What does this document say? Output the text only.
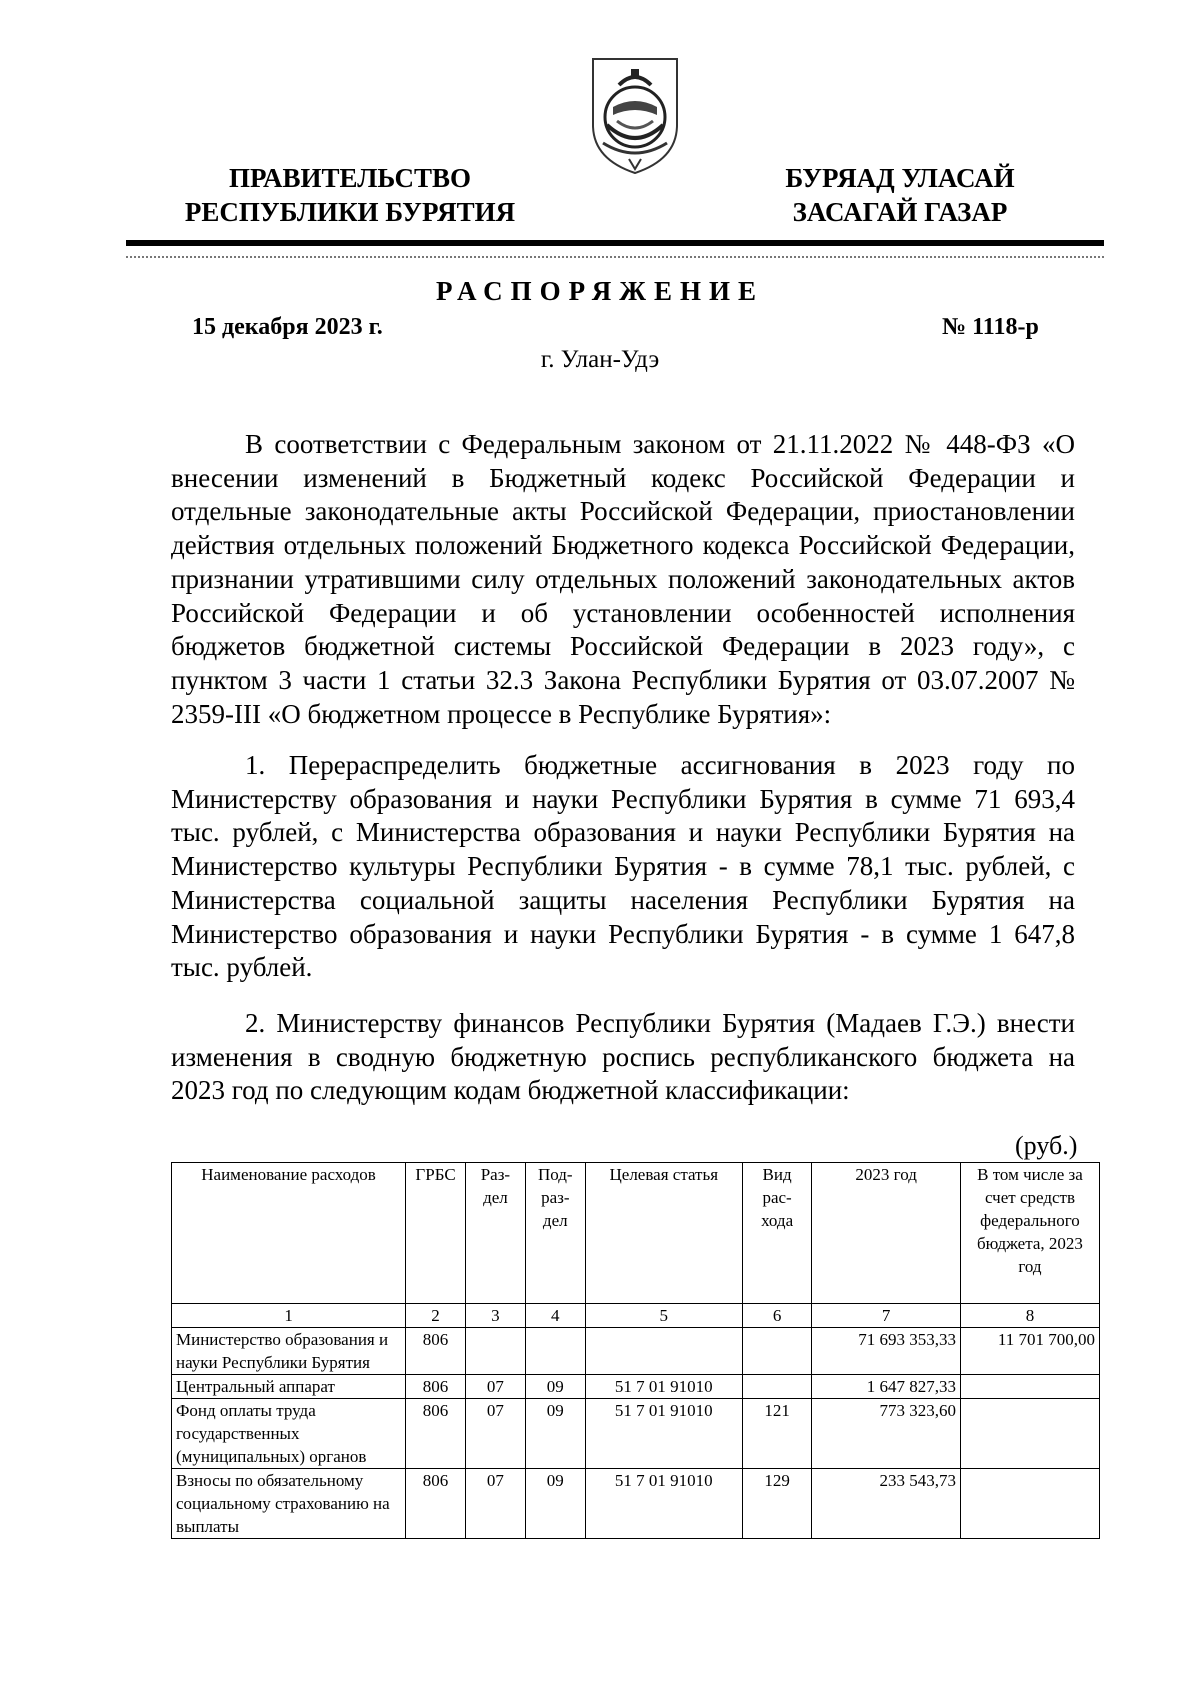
ПРАВИТЕЛЬСТВО
РЕСПУБЛИКИ БУРЯТИЯ
БУРЯАД УЛАСАЙ
ЗАСАГАЙ ГАЗАР
РАСПОРЯЖЕНИЕ
15 декабря 2023 г.	№ 1118-р
г. Улан-Удэ

В соответствии с Федеральным законом от 21.11.2022 № 448-ФЗ «О внесении изменений в Бюджетный кодекс Российской Федерации и отдельные законодательные акты Российской Федерации, приостановлении действия отдельных положений Бюджетного кодекса Российской Федерации, признании утратившими силу отдельных положений законодательных актов Российской Федерации и об установлении особенностей исполнения бюджетов бюджетной системы Российской Федерации в 2023 году», с пунктом 3 части 1 статьи 32.3 Закона Республики Бурятия от 03.07.2007 № 2359-III «О бюджетном процессе в Республике Бурятия»:

1. Перераспределить бюджетные ассигнования в 2023 году по Министерству образования и науки Республики Бурятия в сумме 71 693,4 тыс. рублей, с Министерства образования и науки Республики Бурятия на Министерство культуры Республики Бурятия - в сумме 78,1 тыс. рублей, с Министерства социальной защиты населения Республики Бурятия на Министерство образования и науки Республики Бурятия - в сумме 1 647,8 тыс. рублей.

2. Министерству финансов Республики Бурятия (Мадаев Г.Э.) внести изменения в сводную бюджетную роспись республиканского бюджета на 2023 год по следующим кодам бюджетной классификации:

(руб.)
Наименование расходов	ГРБС	Раз-дел	Под-раз-дел	Целевая статья	Вид рас-хода	2023 год	В том числе за счет средств федерального бюджета, 2023 год
1	2	3	4	5	6	7	8
Министерство образования и науки Республики Бурятия	806					71 693 353,33	11 701 700,00
Центральный аппарат	806	07	09	51 7 01 91010		1 647 827,33	
Фонд оплаты труда государственных (муниципальных) органов	806	07	09	51 7 01 91010	121	773 323,60	
Взносы по обязательному социальному страхованию на выплаты	806	07	09	51 7 01 91010	129	233 543,73	
